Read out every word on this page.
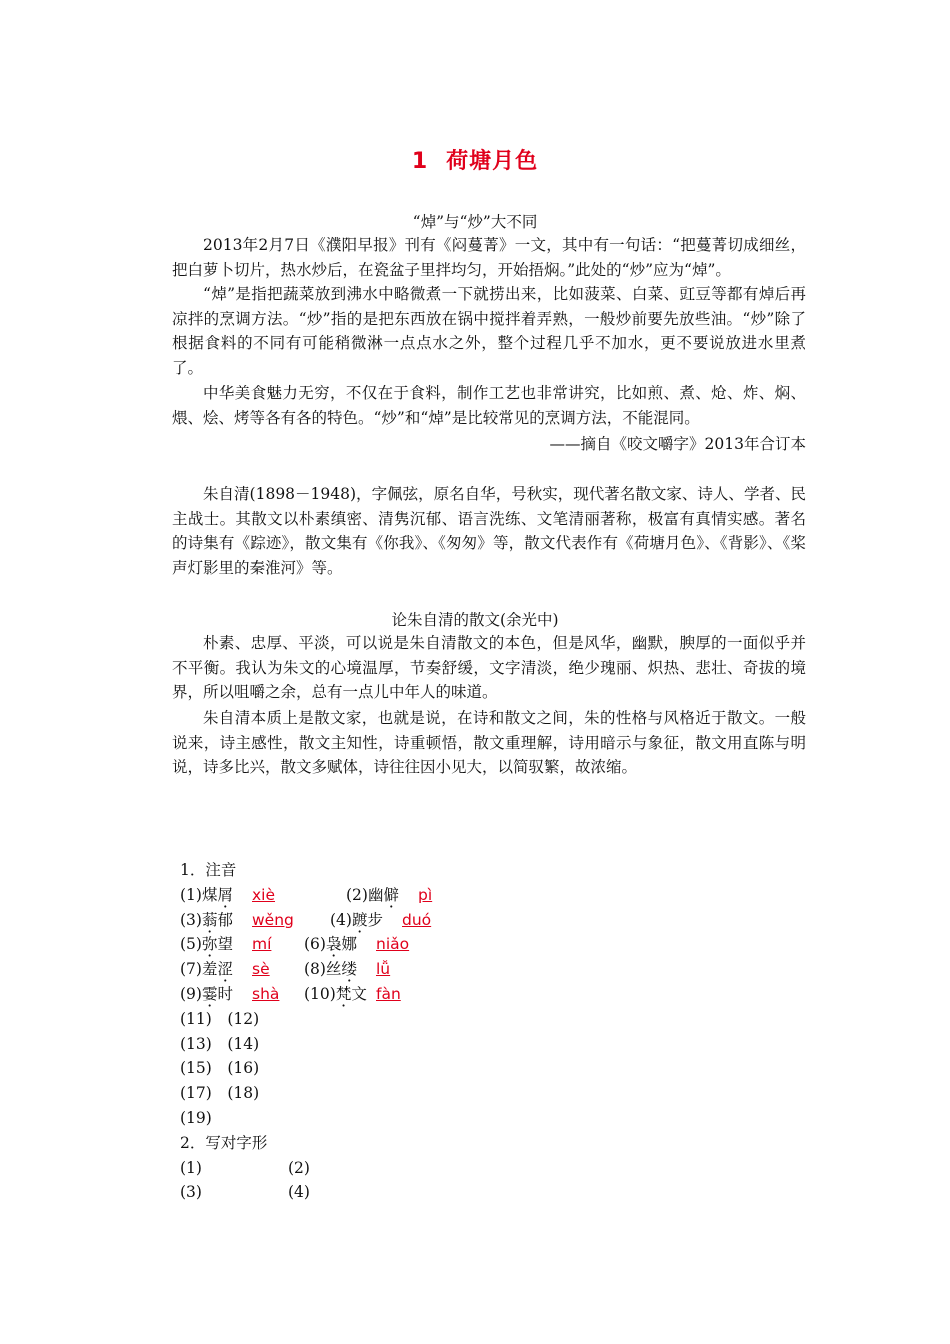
1 荷塘月色
“焯”与“炒”大不同

2013年2月7日《濮阳早报》刊有《闷蔓菁》一文，其中有一句话：“把蔓菁切成细丝，把白萝卜切片，热水炒后，在瓷盆子里拌均匀，开始捂焖。”此处的“炒”应为“焯”。

“焯”是指把蔬菜放到沸水中略微煮一下就捞出来，比如菠菜、白菜、豇豆等都有焯后再凉拌的烹调方法。“炒”指的是把东西放在锅中搅拌着弄熟，一般炒前要先放些油。“炒”除了根据食料的不同有可能稍微淋一点点水之外，整个过程几乎不加水，更不要说放进水里煮了。

中华美食魅力无穷，不仅在于食料，制作工艺也非常讲究，比如煎、煮、炝、炸、焖、煨、烩、烤等各有各的特色。“炒”和“焯”是比较常见的烹调方法，不能混同。

——摘自《咬文嚼字》2013年合订本

朱自清(1898－1948)，字佩弦，原名自华，号秋实，现代著名散文家、诗人、学者、民主战士。其散文以朴素缜密、清隽沉郁、语言洗练、文笔清丽著称，极富有真情实感。著名的诗集有《踪迹》，散文集有《你我》、《匆匆》等，散文代表作有《荷塘月色》、《背影》、《桨声灯影里的秦淮河》等。

论朱自清的散文(余光中)

朴素、忠厚、平淡，可以说是朱自清散文的本色，但是风华，幽默，腴厚的一面似乎并不平衡。我认为朱文的心境温厚，节奏舒缓，文字清淡，绝少瑰丽、炽热、悲壮、奇拔的境界，所以咀嚼之余，总有一点儿中年人的味道。

朱自清本质上是散文家，也就是说，在诗和散文之间，朱的性格与风格近于散文。一般说来，诗主感性，散文主知性，诗重顿悟，散文重理解，诗用暗示与象征，散文用直陈与明说，诗多比兴，散文多赋体，诗往往因小见大，以简驭繁，故浓缩。

1．注音
(1)煤屑 xiè	(2)幽僻 pì
(3)蓊郁 wěng (4)踱步 duó
(5)弥望 mí (6)袅娜 niǎo
(7)羞涩 sè (8)丝缕 lǚ
(9)霎时 shà (10)梵文 fàn
(11)　(12)
(13)　(14)
(15)　(16)
(17)　(18)
(19)
2．写对字形
(1)	(2)
(3)	(4)
